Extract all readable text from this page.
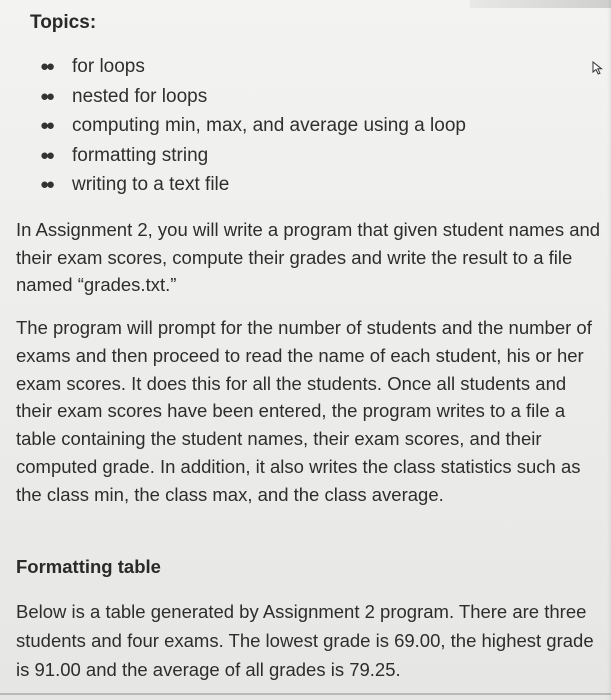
Topics:
●● for loops
●● nested for loops
●● computing min, max, and average using a loop
●● formatting string
●● writing to a text file

In Assignment 2, you will write a program that given student names and their exam scores, compute their grades and write the result to a file named “grades.txt.”

The program will prompt for the number of students and the number of exams and then proceed to read the name of each student, his or her exam scores. It does this for all the students. Once all students and their exam scores have been entered, the program writes to a file a table containing the student names, their exam scores, and their computed grade. In addition, it also writes the class statistics such as the class min, the class max, and the class average.

Formatting table

Below is a table generated by Assignment 2 program. There are three students and four exams. The lowest grade is 69.00, the highest grade is 91.00 and the average of all grades is 79.25.
